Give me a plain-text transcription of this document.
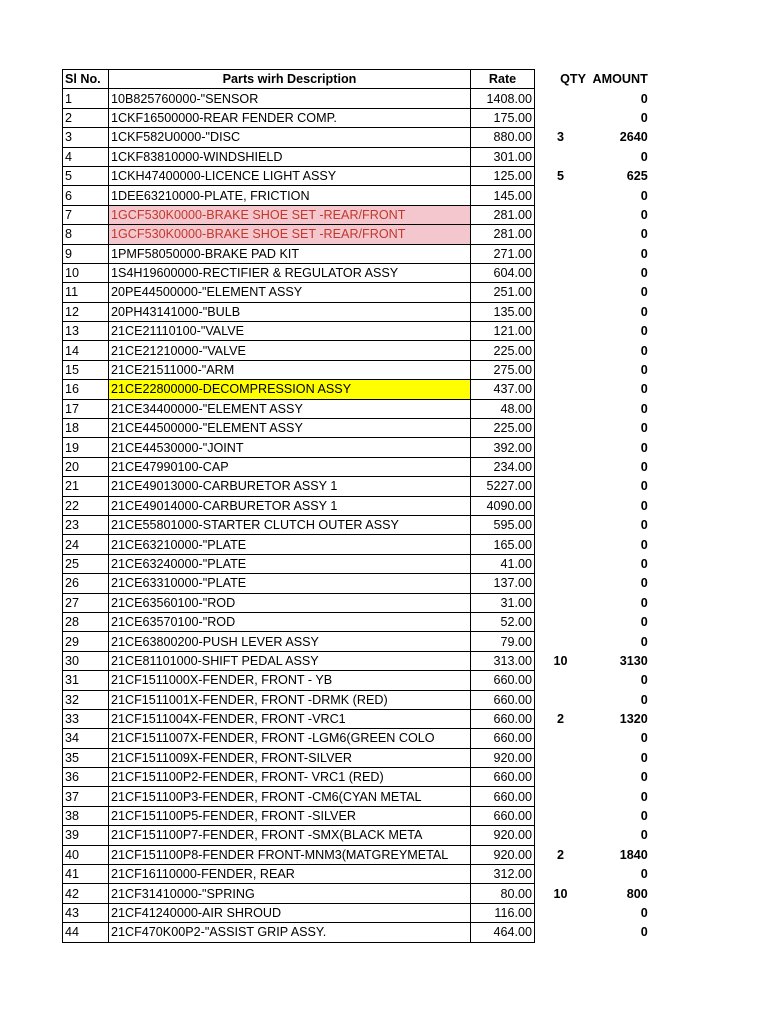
Sl No.	Parts wirh Description	Rate	QTY	AMOUNT
1	10B825760000-"SENSOR	1408.00		0
2	1CKF16500000-REAR FENDER COMP.	175.00		0
3	1CKF582U0000-"DISC	880.00	3	2640
4	1CKF83810000-WINDSHIELD	301.00		0
5	1CKH47400000-LICENCE LIGHT ASSY	125.00	5	625
6	1DEE63210000-PLATE, FRICTION	145.00		0
7	1GCF530K0000-BRAKE SHOE SET -REAR/FRONT	281.00		0
8	1GCF530K0000-BRAKE SHOE SET -REAR/FRONT	281.00		0
9	1PMF58050000-BRAKE PAD KIT	271.00		0
10	1S4H19600000-RECTIFIER & REGULATOR ASSY	604.00		0
11	20PE44500000-"ELEMENT ASSY	251.00		0
12	20PH43141000-"BULB	135.00		0
13	21CE21110100-"VALVE	121.00		0
14	21CE21210000-"VALVE	225.00		0
15	21CE21511000-"ARM	275.00		0
16	21CE22800000-DECOMPRESSION ASSY	437.00		0
17	21CE34400000-"ELEMENT ASSY	48.00		0
18	21CE44500000-"ELEMENT ASSY	225.00		0
19	21CE44530000-"JOINT	392.00		0
20	21CE47990100-CAP	234.00		0
21	21CE49013000-CARBURETOR ASSY 1	5227.00		0
22	21CE49014000-CARBURETOR ASSY 1	4090.00		0
23	21CE55801000-STARTER CLUTCH OUTER ASSY	595.00		0
24	21CE63210000-"PLATE	165.00		0
25	21CE63240000-"PLATE	41.00		0
26	21CE63310000-"PLATE	137.00		0
27	21CE63560100-"ROD	31.00		0
28	21CE63570100-"ROD	52.00		0
29	21CE63800200-PUSH LEVER ASSY	79.00		0
30	21CE81101000-SHIFT PEDAL ASSY	313.00	10	3130
31	21CF1511000X-FENDER, FRONT - YB	660.00		0
32	21CF1511001X-FENDER, FRONT -DRMK (RED)	660.00		0
33	21CF1511004X-FENDER, FRONT -VRC1	660.00	2	1320
34	21CF1511007X-FENDER, FRONT -LGM6(GREEN COLO	660.00		0
35	21CF1511009X-FENDER, FRONT-SILVER	920.00		0
36	21CF151100P2-FENDER, FRONT- VRC1 (RED)	660.00		0
37	21CF151100P3-FENDER, FRONT -CM6(CYAN METAL	660.00		0
38	21CF151100P5-FENDER, FRONT -SILVER	660.00		0
39	21CF151100P7-FENDER, FRONT -SMX(BLACK META	920.00		0
40	21CF151100P8-FENDER FRONT-MNM3(MATGREYMETAL	920.00	2	1840
41	21CF16110000-FENDER, REAR	312.00		0
42	21CF31410000-"SPRING	80.00	10	800
43	21CF41240000-AIR SHROUD	116.00		0
44	21CF470K00P2-"ASSIST GRIP ASSY.	464.00		0
